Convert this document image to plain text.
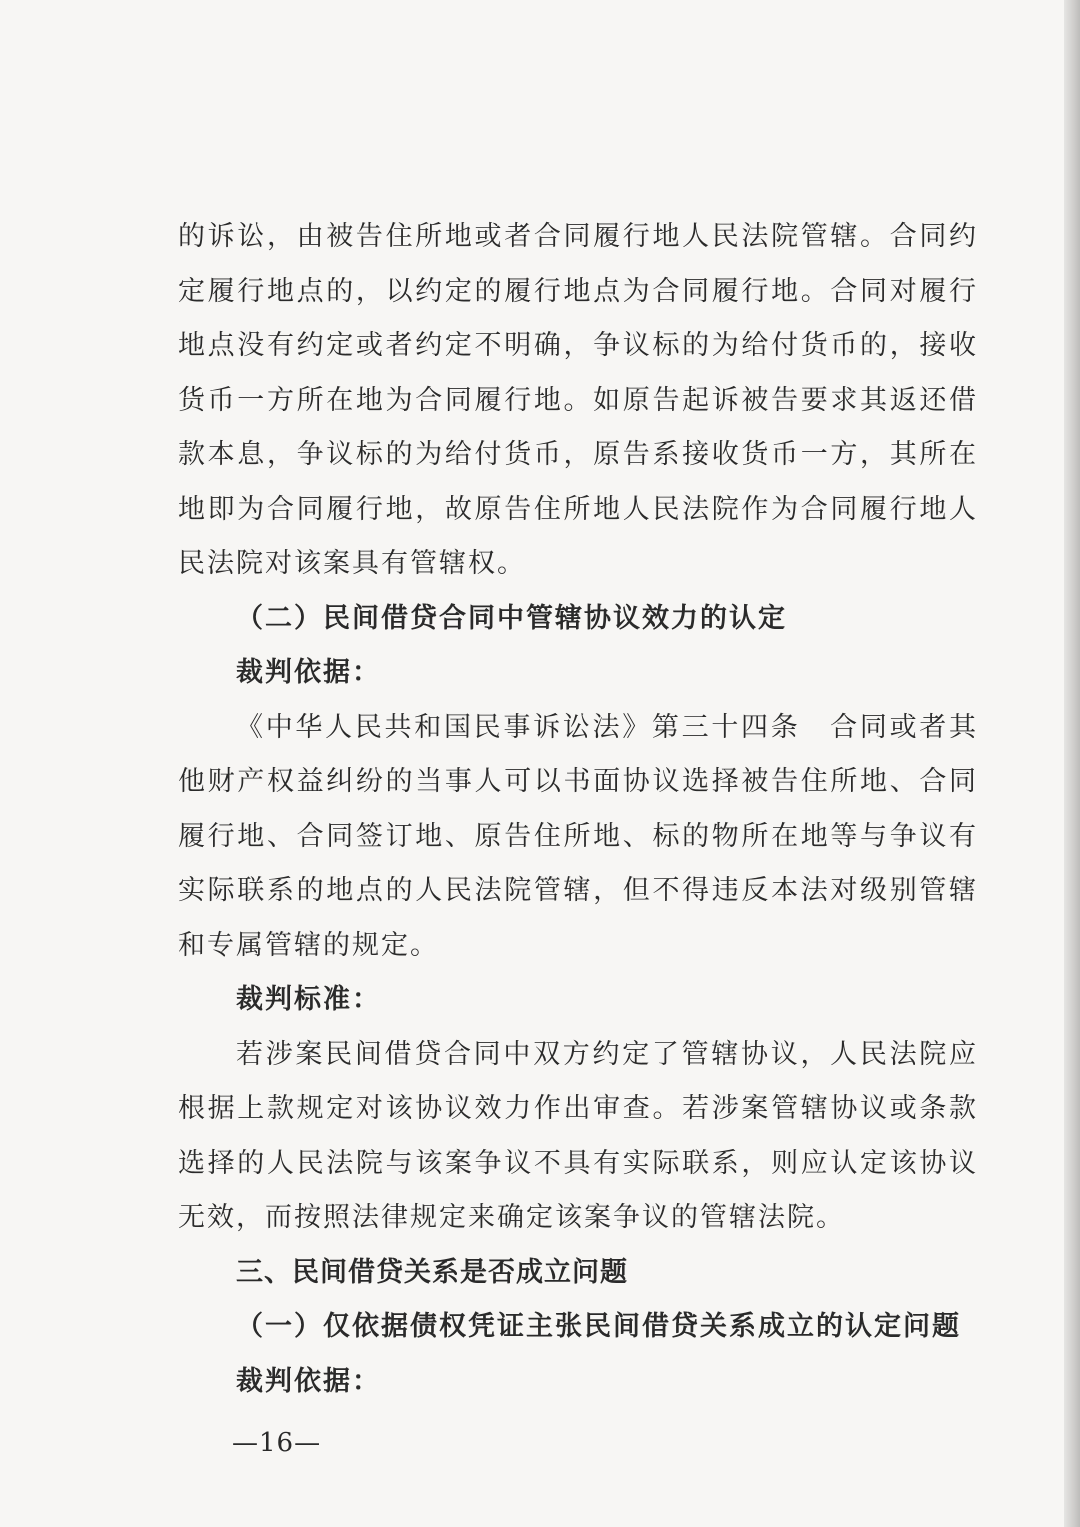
的诉讼，由被告住所地或者合同履行地人民法院管辖。合同约定履行地点的，以约定的履行地点为合同履行地。合同对履行地点没有约定或者约定不明确，争议标的为给付货币的，接收货币一方所在地为合同履行地。如原告起诉被告要求其返还借款本息，争议标的为给付货币，原告系接收货币一方，其所在地即为合同履行地，故原告住所地人民法院作为合同履行地人民法院对该案具有管辖权。

（二）民间借贷合同中管辖协议效力的认定

裁判依据：

《中华人民共和国民事诉讼法》第三十四条　合同或者其他财产权益纠纷的当事人可以书面协议选择被告住所地、合同履行地、合同签订地、原告住所地、标的物所在地等与争议有实际联系的地点的人民法院管辖，但不得违反本法对级别管辖和专属管辖的规定。

裁判标准：

若涉案民间借贷合同中双方约定了管辖协议，人民法院应根据上款规定对该协议效力作出审查。若涉案管辖协议或条款选择的人民法院与该案争议不具有实际联系，则应认定该协议无效，而按照法律规定来确定该案争议的管辖法院。

三、民间借贷关系是否成立问题

（一）仅依据债权凭证主张民间借贷关系成立的认定问题

裁判依据：

—16—
